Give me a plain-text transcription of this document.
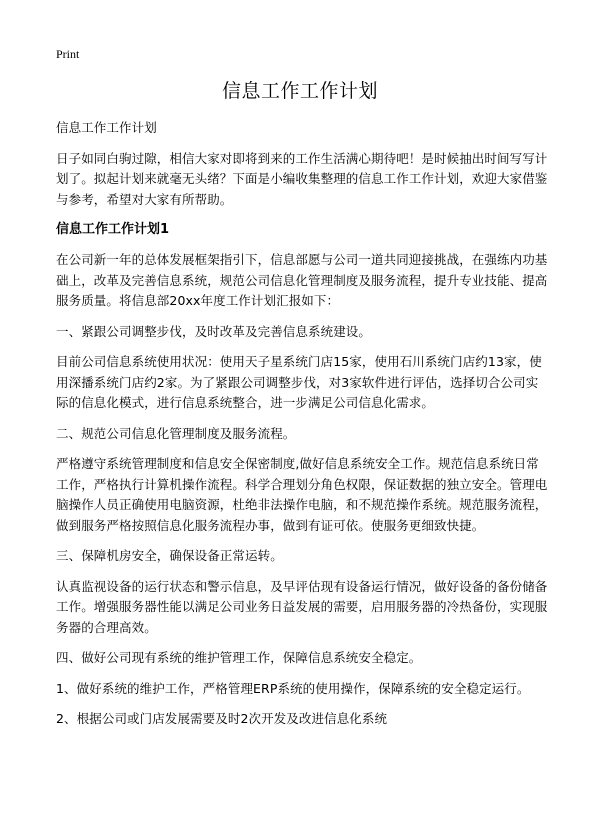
Print
信息工作工作计划

信息工作工作计划

日子如同白驹过隙，相信大家对即将到来的工作生活满心期待吧！是时候抽出时间写写计划了。拟起计划来就毫无头绪？下面是小编收集整理的信息工作工作计划，欢迎大家借鉴与参考，希望对大家有所帮助。

信息工作工作计划1

在公司新一年的总体发展框架指引下，信息部愿与公司一道共同迎接挑战，在强练内功基础上，改革及完善信息系统，规范公司信息化管理制度及服务流程，提升专业技能、提高服务质量。将信息部20xx年度工作计划汇报如下：

一、紧跟公司调整步伐，及时改革及完善信息系统建设。

目前公司信息系统使用状况：使用天子星系统门店15家，使用石川系统门店约13家，使用深播系统门店约2家。为了紧跟公司调整步伐，对3家软件进行评估，选择切合公司实际的信息化模式，进行信息系统整合，进一步满足公司信息化需求。

二、规范公司信息化管理制度及服务流程。

严格遵守系统管理制度和信息安全保密制度,做好信息系统安全工作。规范信息系统日常工作，严格执行计算机操作流程。科学合理划分角色权限，保证数据的独立安全。管理电脑操作人员正确使用电脑资源，杜绝非法操作电脑，和不规范操作系统。规范服务流程，做到服务严格按照信息化服务流程办事，做到有证可依。使服务更细致快捷。

三、保障机房安全，确保设备正常运转。

认真监视设备的运行状态和警示信息，及早评估现有设备运行情况，做好设备的备份储备工作。增强服务器性能以满足公司业务日益发展的需要，启用服务器的冷热备份，实现服务器的合理高效。

四、做好公司现有系统的维护管理工作，保障信息系统安全稳定。

1、做好系统的维护工作，严格管理ERP系统的使用操作，保障系统的安全稳定运行。

2、根据公司或门店发展需要及时2次开发及改进信息化系统
